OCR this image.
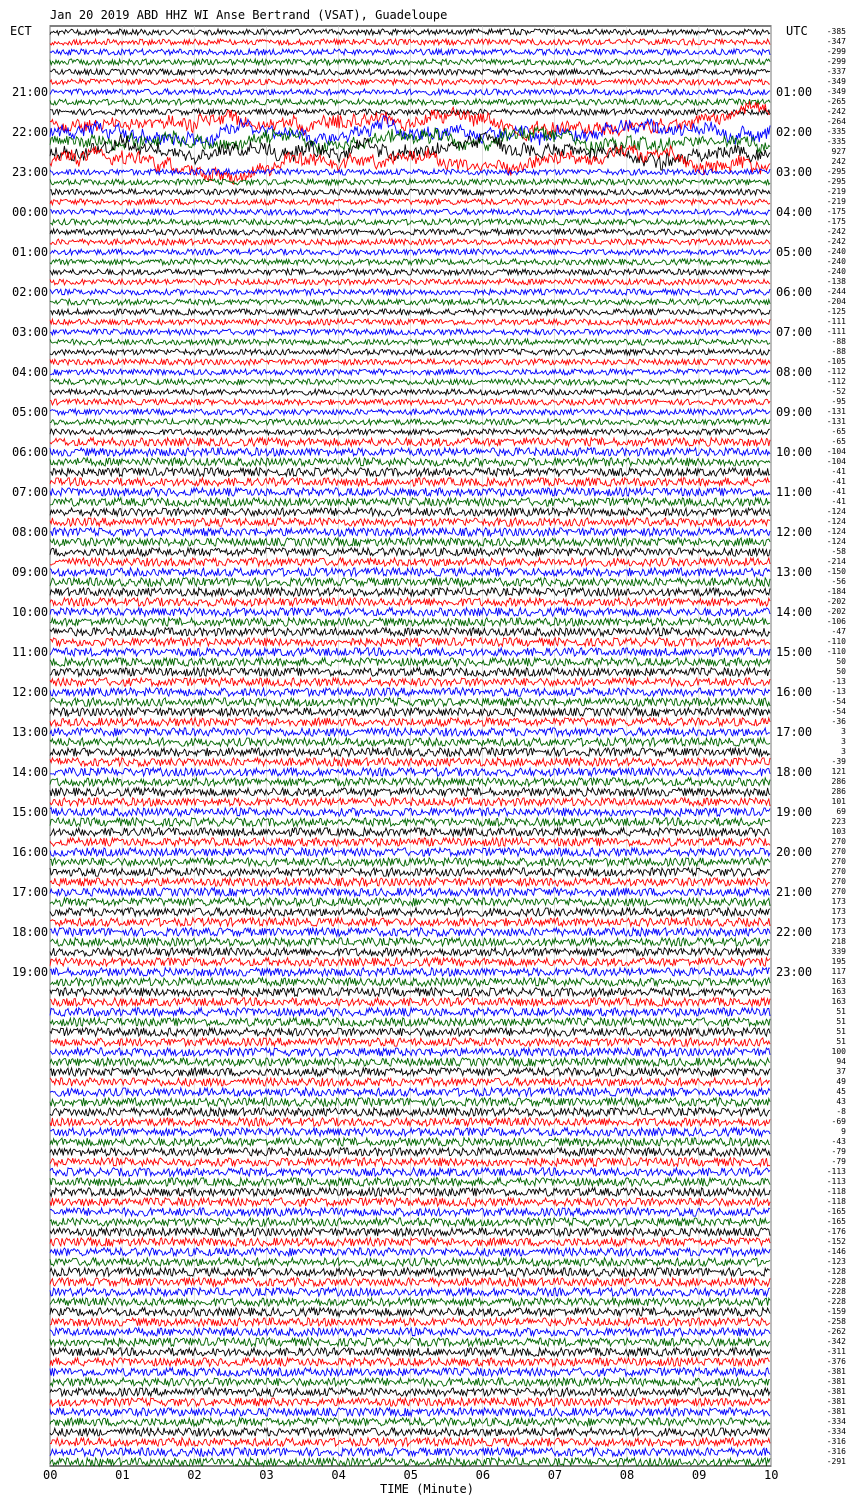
Jan 20 2019 ABD HHZ WI Anse Bertrand (VSAT), Guadeloupe
ECT	UTC
21:00
22:00
23:00
00:00
01:00
02:00
03:00
04:00
05:00
06:00
07:00
08:00
09:00
10:00
11:00
12:00
13:00
14:00
15:00
16:00
17:00
18:00
19:00
01:00
02:00
03:00
04:00
05:00
06:00
07:00
08:00
09:00
10:00
11:00
12:00
13:00
14:00
15:00
16:00
17:00
18:00
19:00
20:00
21:00
22:00
23:00
-385
-347
-299
-299
-337
-349
-349
-265
-242
-264
-335
-335
927
242
-295
-295
-219
-219
-175
-175
-242
-242
-240
-240
-240
-138
-244
-204
-125
-111
-111
-88
-88
-105
-112
-112
-52
-95
-131
-131
-65
-65
-104
-104
-41
-41
-41
-41
-124
-124
-124
-124
-58
-214
-150
-56
-184
-202
-202
-106
-47
-110
-110
50
50
-13
-13
-54
-54
-36
3
3
3
-39
121
286
286
101
69
223
103
270
270
270
270
270
270
173
173
173
173
218
339
195
117
163
163
163
51
51
51
51
100
94
37
49
45
43
-8
-69
9
-43
-79
-79
-113
-113
-118
-118
-165
-165
-176
-152
-146
-123
-128
-228
-228
-228
-159
-258
-262
-342
-311
-376
-381
-381
-381
-381
-381
-334
-334
-316
-316
-291
00	01	02	03	04	05	06	07	08	09	10
TIME (Minute)
